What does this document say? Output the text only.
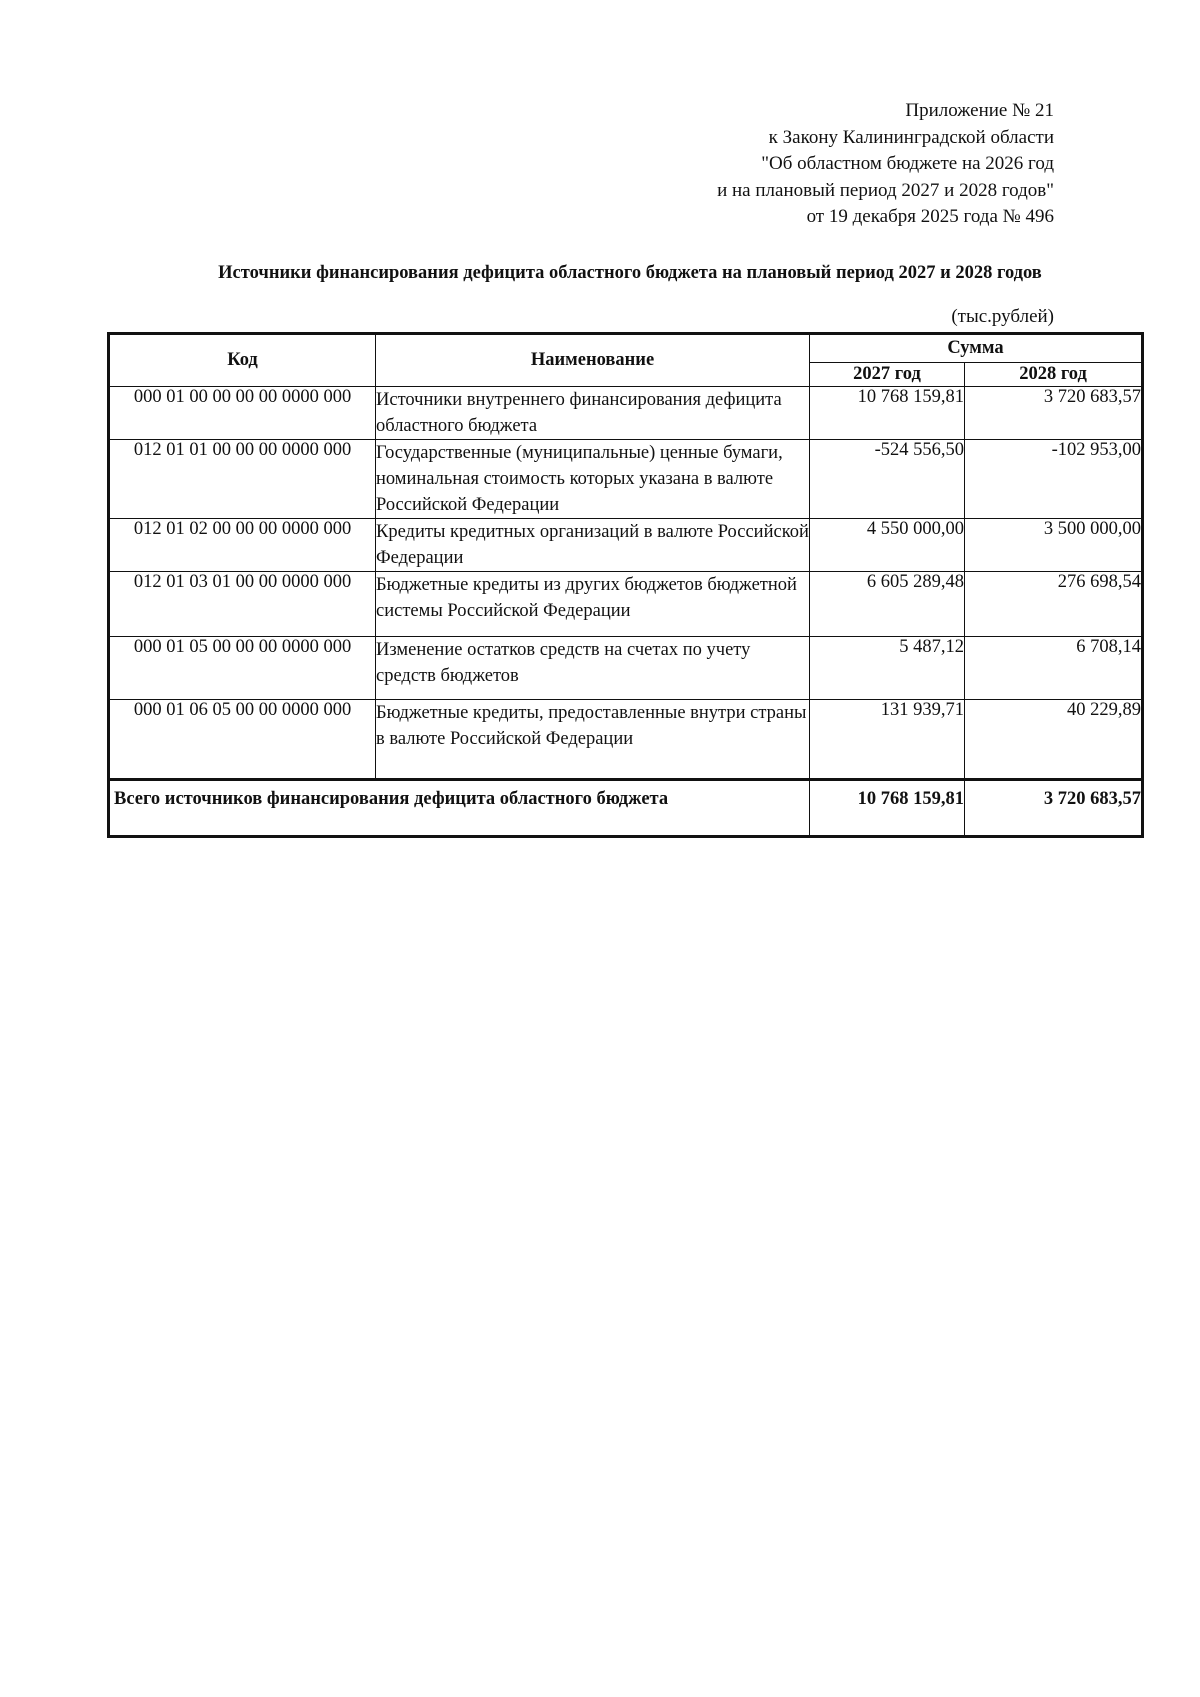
Приложение № 21
к Закону Калининградской области
"Об областном бюджете на 2026 год
и на плановый период 2027 и 2028 годов"
от 19 декабря 2025 года № 496
Источники финансирования дефицита областного бюджета на плановый период 2027 и 2028 годов
(тыс.рублей)
Код	Наименование	Сумма	
		2027 год	2028 год
000 01 00 00 00 00 0000 000	Источники внутреннего финансирования дефицита областного бюджета	10 768 159,81	3 720 683,57
012 01 01 00 00 00 0000 000	Государственные (муниципальные) ценные бумаги, номинальная стоимость которых указана в валюте Российской Федерации	-524 556,50	-102 953,00
012 01 02 00 00 00 0000 000	Кредиты кредитных организаций в валюте Российской Федерации	4 550 000,00	3 500 000,00
012 01 03 01 00 00 0000 000	Бюджетные кредиты из других бюджетов бюджетной системы Российской Федерации	6 605 289,48	276 698,54
000 01 05 00 00 00 0000 000	Изменение остатков средств на счетах по учету средств бюджетов	5 487,12	6 708,14
000 01 06 05 00 00 0000 000	Бюджетные кредиты, предоставленные внутри страны в валюте Российской Федерации	131 939,71	40 229,89
Всего источников финансирования дефицита областного бюджета		10 768 159,81	3 720 683,57
